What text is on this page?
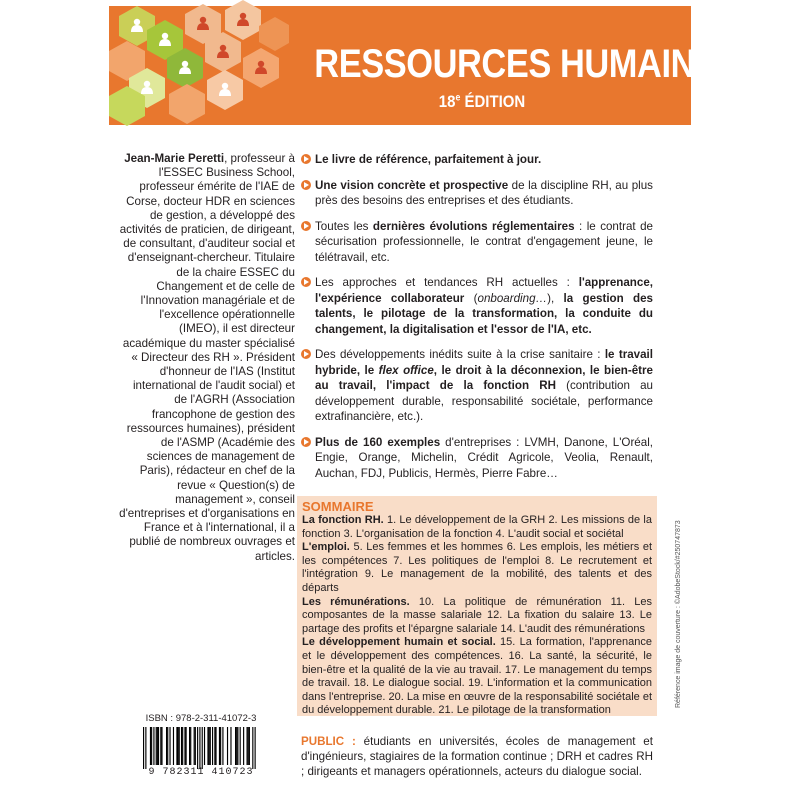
RESSOURCES HUMAINES
18e ÉDITION
Jean-Marie Peretti, professeur à l'ESSEC Business School, professeur émérite de l'IAE de Corse, docteur HDR en sciences de gestion, a développé des activités de praticien, de dirigeant, de consultant, d'auditeur social et d'enseignant-chercheur. Titulaire de la chaire ESSEC du Changement et de celle de l'Innovation managériale et de l'excellence opérationnelle (IMEO), il est directeur académique du master spécialisé « Directeur des RH ». Président d'honneur de l'IAS (Institut international de l'audit social) et de l'AGRH (Association francophone de gestion des ressources humaines), président de l'ASMP (Académie des sciences de management de Paris), rédacteur en chef de la revue « Question(s) de management », conseil d'entreprises et d'organisations en France et à l'international, il a publié de nombreux ouvrages et articles.
Le livre de référence, parfaitement à jour.
Une vision concrète et prospective de la discipline RH, au plus près des besoins des entreprises et des étudiants.
Toutes les dernières évolutions réglementaires : le contrat de sécurisation professionnelle, le contrat d'engagement jeune, le télétravail, etc.
Les approches et tendances RH actuelles : l'apprenance, l'expérience collaborateur (onboarding…), la gestion des talents, le pilotage de la transformation, la conduite du changement, la digitalisation et l'essor de l'IA, etc.
Des développements inédits suite à la crise sanitaire : le travail hybride, le flex office, le droit à la déconnexion, le bien-être au travail, l'impact de la fonction RH (contribution au développement durable, responsabilité sociétale, performance extrafinancière, etc.).
Plus de 160 exemples d'entreprises : LVMH, Danone, L'Oréal, Engie, Orange, Michelin, Crédit Agricole, Veolia, Renault, Auchan, FDJ, Publicis, Hermès, Pierre Fabre…
SOMMAIRE
La fonction RH. 1. Le développement de la GRH 2. Les missions de la fonction 3. L'organisation de la fonction 4. L'audit social et sociétal
L'emploi. 5. Les femmes et les hommes 6. Les emplois, les métiers et les compétences 7. Les politiques de l'emploi 8. Le recrutement et l'intégration 9. Le management de la mobilité, des talents et des départs
Les rémunérations. 10. La politique de rémunération 11. Les composantes de la masse salariale 12. La fixation du salaire 13. Le partage des profits et l'épargne salariale 14. L'audit des rémunérations
Le développement humain et social. 15. La formation, l'apprenance et le développement des compétences. 16. La santé, la sécurité, le bien-être et la qualité de la vie au travail. 17. Le management du temps de travail. 18. Le dialogue social. 19. L'information et la communication dans l'entreprise. 20. La mise en œuvre de la responsabilité sociétale et du développement durable. 21. Le pilotage de la transformation
PUBLIC : étudiants en universités, écoles de management et d'ingénieurs, stagiaires de la formation continue ; DRH et cadres RH ; dirigeants et managers opérationnels, acteurs du dialogue social.
Référence image de couverture : ©AdobeStock/#250747873
ISBN : 978-2-311-41072-3
9 782311 410723
